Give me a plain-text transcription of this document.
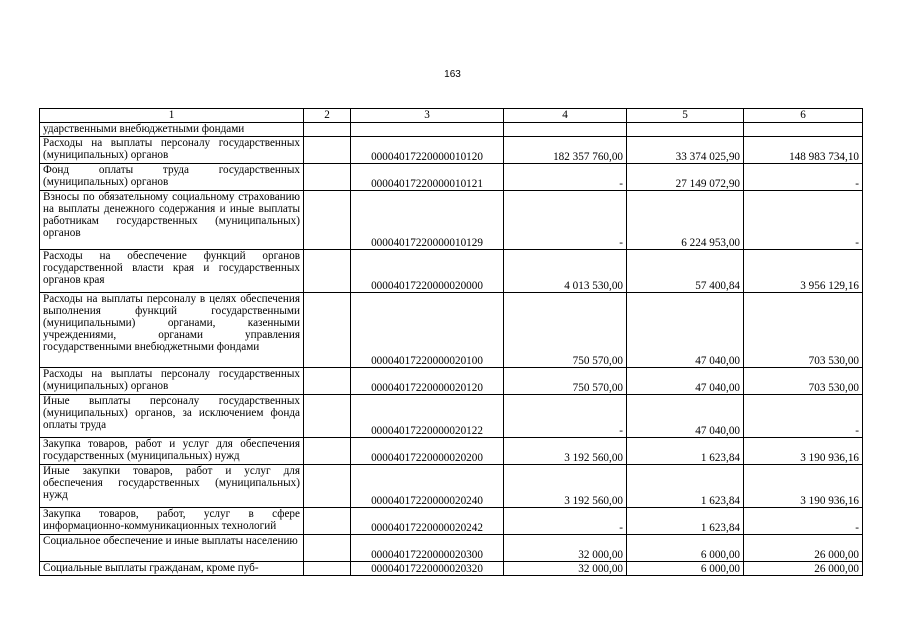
163
1	2	3	4	5	6
ударственными внебюджетными фондами					
Расходы на выплаты персоналу государственных (муниципальных) органов		00004017220000010120	182 357 760,00	33 374 025,90	148 983 734,10
Фонд оплаты труда государственных (муниципальных) органов		00004017220000010121	-	27 149 072,90	-
Взносы по обязательному социальному страхованию на выплаты денежного содержания и иные выплаты работникам государственных (муниципальных) органов		00004017220000010129	-	6 224 953,00	-
Расходы на обеспечение функций органов государственной власти края и государственных органов края		00004017220000020000	4 013 530,00	57 400,84	3 956 129,16
Расходы на выплаты персоналу в целях обеспечения выполнения функций государственными (муниципальными) органами, казенными учреждениями, органами управления государственными внебюджетными фондами		00004017220000020100	750 570,00	47 040,00	703 530,00
Расходы на выплаты персоналу государственных (муниципальных) органов		00004017220000020120	750 570,00	47 040,00	703 530,00
Иные выплаты персоналу государственных (муниципальных) органов, за исключением фонда оплаты труда		00004017220000020122	-	47 040,00	-
Закупка товаров, работ и услуг для обеспечения государственных (муниципальных) нужд		00004017220000020200	3 192 560,00	1 623,84	3 190 936,16
Иные закупки товаров, работ и услуг для обеспечения государственных (муниципальных) нужд		00004017220000020240	3 192 560,00	1 623,84	3 190 936,16
Закупка товаров, работ, услуг в сфере информационно-коммуникационных технологий		00004017220000020242	-	1 623,84	-
Социальное обеспечение и иные выплаты населению		00004017220000020300	32 000,00	6 000,00	26 000,00
Социальные выплаты гражданам, кроме пуб-		00004017220000020320	32 000,00	6 000,00	26 000,00
